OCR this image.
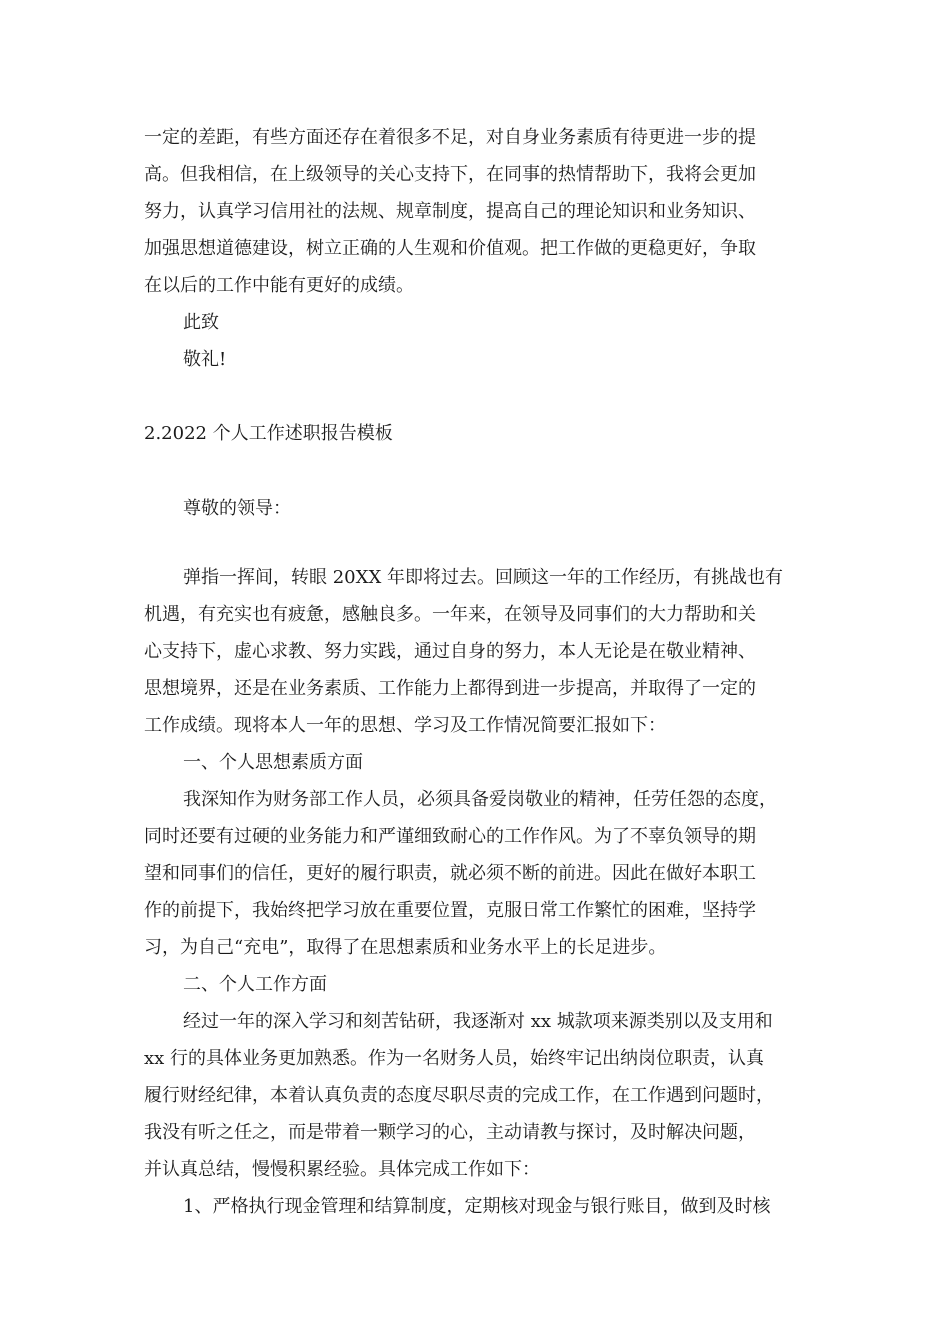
一定的差距，有些方面还存在着很多不足，对自身业务素质有待更进一步的提
高。但我相信，在上级领导的关心支持下，在同事的热情帮助下，我将会更加
努力，认真学习信用社的法规、规章制度，提高自己的理论知识和业务知识、
加强思想道德建设，树立正确的人生观和价值观。把工作做的更稳更好，争取
在以后的工作中能有更好的成绩。
此致
敬礼!
2.2022 个人工作述职报告模板
尊敬的领导：
弹指一挥间，转眼 20XX 年即将过去。回顾这一年的工作经历，有挑战也有
机遇，有充实也有疲惫，感触良多。一年来，在领导及同事们的大力帮助和关
心支持下，虚心求教、努力实践，通过自身的努力，本人无论是在敬业精神、
思想境界，还是在业务素质、工作能力上都得到进一步提高，并取得了一定的
工作成绩。现将本人一年的思想、学习及工作情况简要汇报如下：
一、个人思想素质方面
我深知作为财务部工作人员，必须具备爱岗敬业的精神，任劳任怨的态度，
同时还要有过硬的业务能力和严谨细致耐心的工作作风。为了不辜负领导的期
望和同事们的信任，更好的履行职责，就必须不断的前进。因此在做好本职工
作的前提下，我始终把学习放在重要位置，克服日常工作繁忙的困难，坚持学
习，为自己“充电”，取得了在思想素质和业务水平上的长足进步。
二、个人工作方面
经过一年的深入学习和刻苦钻研，我逐渐对 xx 城款项来源类别以及支用和
xx 行的具体业务更加熟悉。作为一名财务人员，始终牢记出纳岗位职责，认真
履行财经纪律，本着认真负责的态度尽职尽责的完成工作，在工作遇到问题时，
我没有听之任之，而是带着一颗学习的心，主动请教与探讨，及时解决问题，
并认真总结，慢慢积累经验。具体完成工作如下：
1、严格执行现金管理和结算制度，定期核对现金与银行账目，做到及时核
